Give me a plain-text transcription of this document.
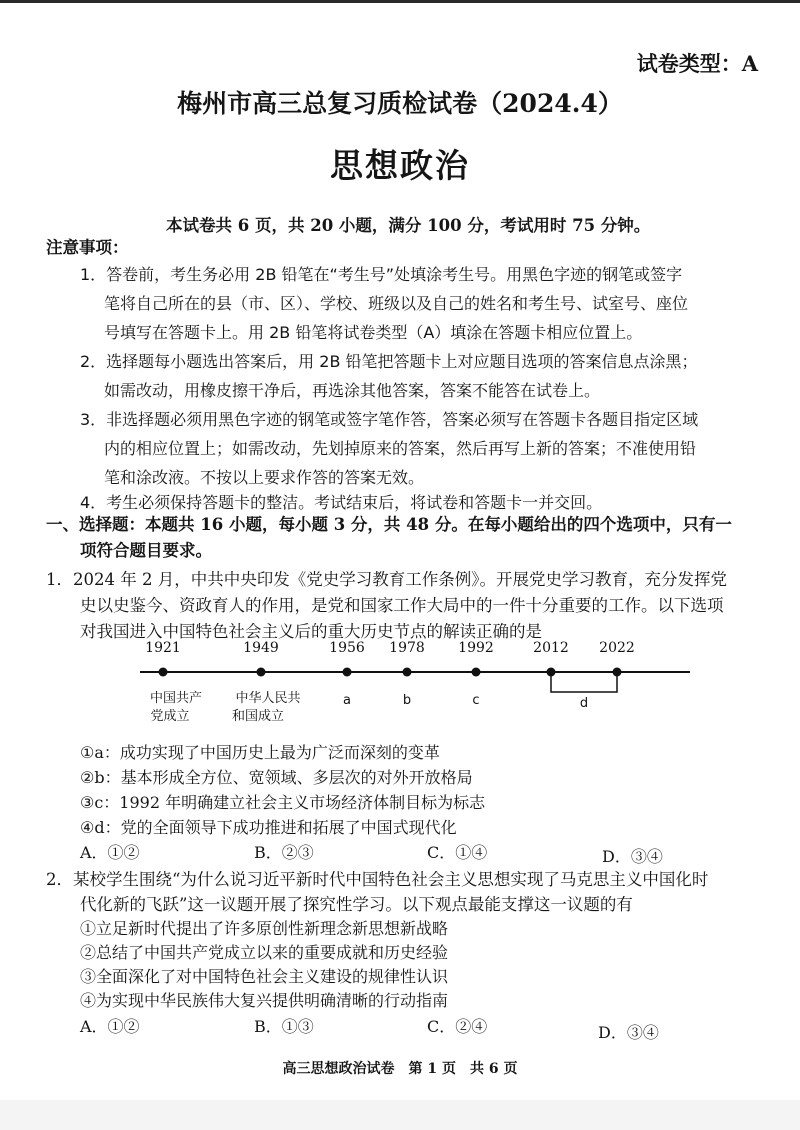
试卷类型：A
梅州市高三总复习质检试卷（2024.4）
思想政治
本试卷共 6 页，共 20 小题，满分 100 分，考试用时 75 分钟。
注意事项：
1．答卷前，考生务必用 2B 铅笔在“考生号”处填涂考生号。用黑色字迹的钢笔或签字
笔将自己所在的县（市、区）、学校、班级以及自己的姓名和考生号、试室号、座位
号填写在答题卡上。用 2B 铅笔将试卷类型（A）填涂在答题卡相应位置上。
2．选择题每小题选出答案后，用 2B 铅笔把答题卡上对应题目选项的答案信息点涂黑；
如需改动，用橡皮擦干净后，再选涂其他答案，答案不能答在试卷上。
3．非选择题必须用黑色字迹的钢笔或签字笔作答，答案必须写在答题卡各题目指定区域
内的相应位置上；如需改动，先划掉原来的答案，然后再写上新的答案；不准使用铅
笔和涂改液。不按以上要求作答的答案无效。
4．考生必须保持答题卡的整洁。考试结束后，将试卷和答题卡一并交回。
一、选择题：本题共 16 小题，每小题 3 分，共 48 分。在每小题给出的四个选项中，只有一
项符合题目要求。
1．2024 年 2 月，中共中央印发《党史学习教育工作条例》。开展党史学习教育，充分发挥党
史以史鉴今、资政育人的作用，是党和国家工作大局中的一件十分重要的工作。以下选项
对我国进入中国特色社会主义后的重大历史节点的解读正确的是
1921	1949	1956 1978 1992	2012 2022
中国共产
党成立
中华人民共
和国成立
a	b	c	d
①a：成功实现了中国历史上最为广泛而深刻的变革
②b：基本形成全方位、宽领域、多层次的对外开放格局
③c：1992 年明确建立社会主义市场经济体制目标为标志
④d：党的全面领导下成功推进和拓展了中国式现代化
A．①②	B．②③	C．①④	D．③④
2．某校学生围绕“为什么说习近平新时代中国特色社会主义思想实现了马克思主义中国化时
代化新的飞跃”这一议题开展了探究性学习。以下观点最能支撑这一议题的有
①立足新时代提出了许多原创性新理念新思想新战略
②总结了中国共产党成立以来的重要成就和历史经验
③全面深化了对中国特色社会主义建设的规律性认识
④为实现中华民族伟大复兴提供明确清晰的行动指南
A．①②	B．①③	C．②④	D．③④
高三思想政治试卷　第 1 页　共 6 页
